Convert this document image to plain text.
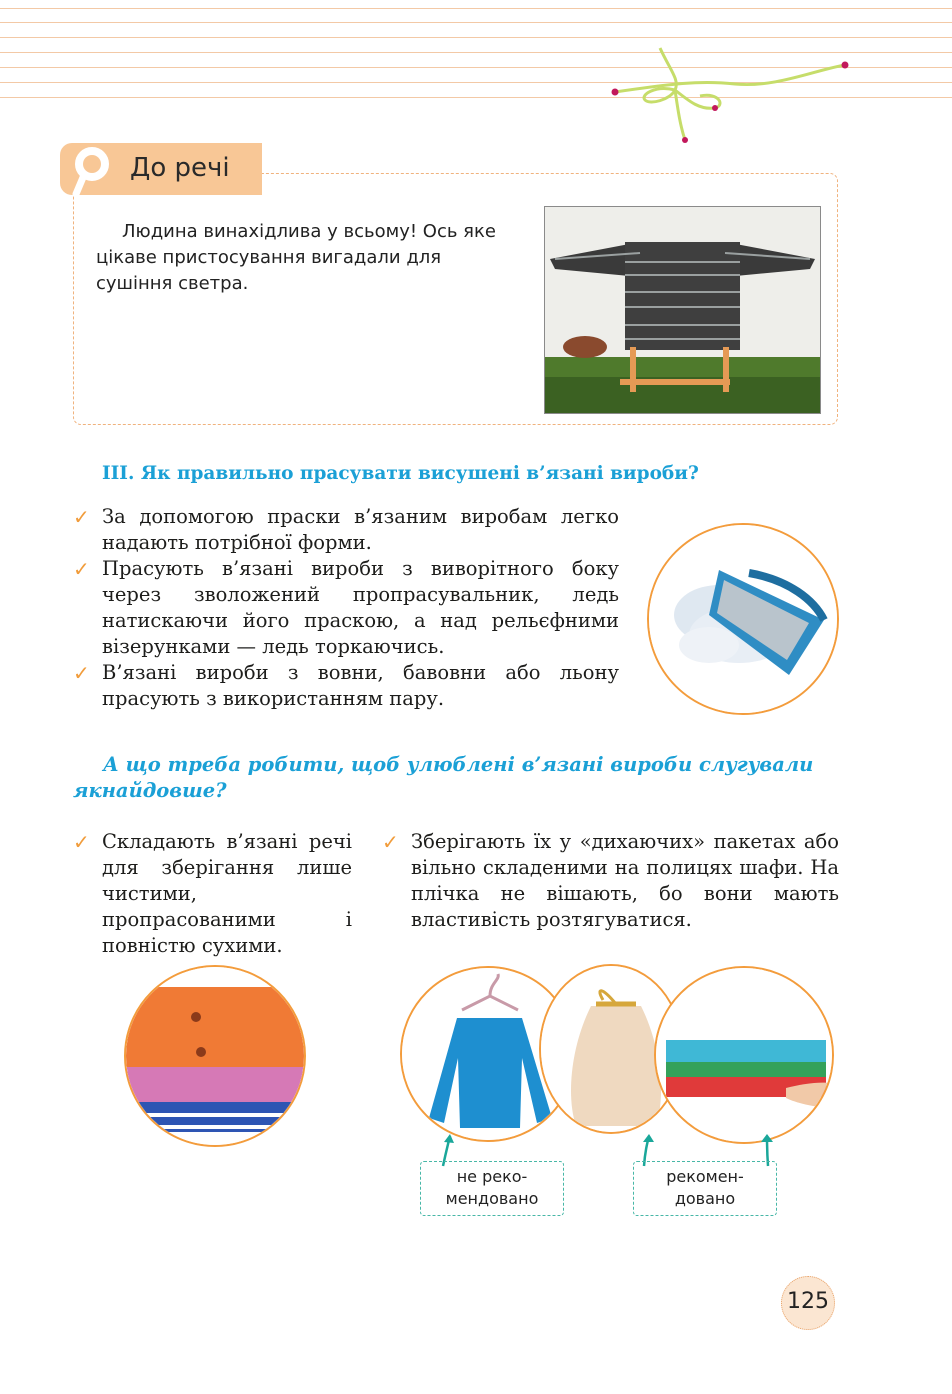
До речі
Людина винахідлива у всьому! Ось яке цікаве пристосування вигадали для сушіння светра.
III. Як правильно прасувати висушені в’язані вироби?
✓ За допомогою праски в’язаним виробам легко надають потрібної форми.
✓ Прасують в’язані вироби з виворітного боку через зволожений пропрасувальник, ледь натискаючи його праскою, а над рельєфними візерунками — ледь торкаючись.
✓ В’язані вироби з вовни, бавовни або льону прасують з використанням пару.
А що треба робити, щоб улюблені в’язані вироби слугували якнайдовше?
✓ Складають в’язані речі для зберігання лише чистими, пропрасованими і повністю сухими.
✓ Зберігають їх у «дихаючих» пакетах або вільно складеними на полицях шафи. На плічка не вішають, бо вони мають властивість розтягуватися.
не реко-
мендовано
рекомен-
довано
125
